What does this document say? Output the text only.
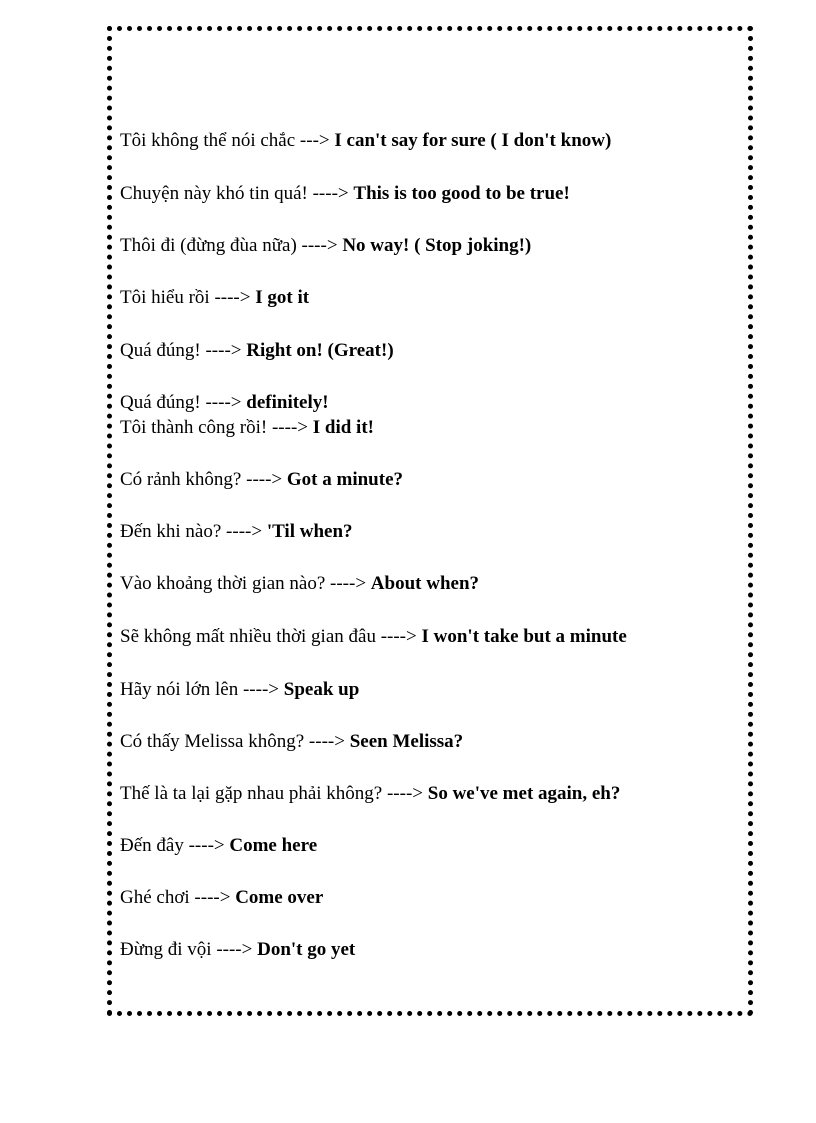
Tôi không thể nói chắc ---> I can't say for sure ( I don't know)
Chuyện này khó tin quá! ----> This is too good to be true!
Thôi đi (đừng đùa nữa) ----> No way! ( Stop joking!)
Tôi hiểu rồi ----> I got it
Quá đúng! ----> Right on! (Great!)
Quá đúng! ----> definitely!
Tôi thành công rồi! ----> I did it!
Có rảnh không? ----> Got a minute?
Đến khi nào? ----> 'Til when?
Vào khoảng thời gian nào? ----> About when?
Sẽ không mất nhiều thời gian đâu ----> I won't take but a minute
Hãy nói lớn lên ----> Speak up
Có thấy Melissa không? ----> Seen Melissa?
Thế là ta lại gặp nhau phải không? ----> So we've met again, eh?
Đến đây ----> Come here
Ghé chơi ----> Come over
Đừng đi vội ----> Don't go yet
